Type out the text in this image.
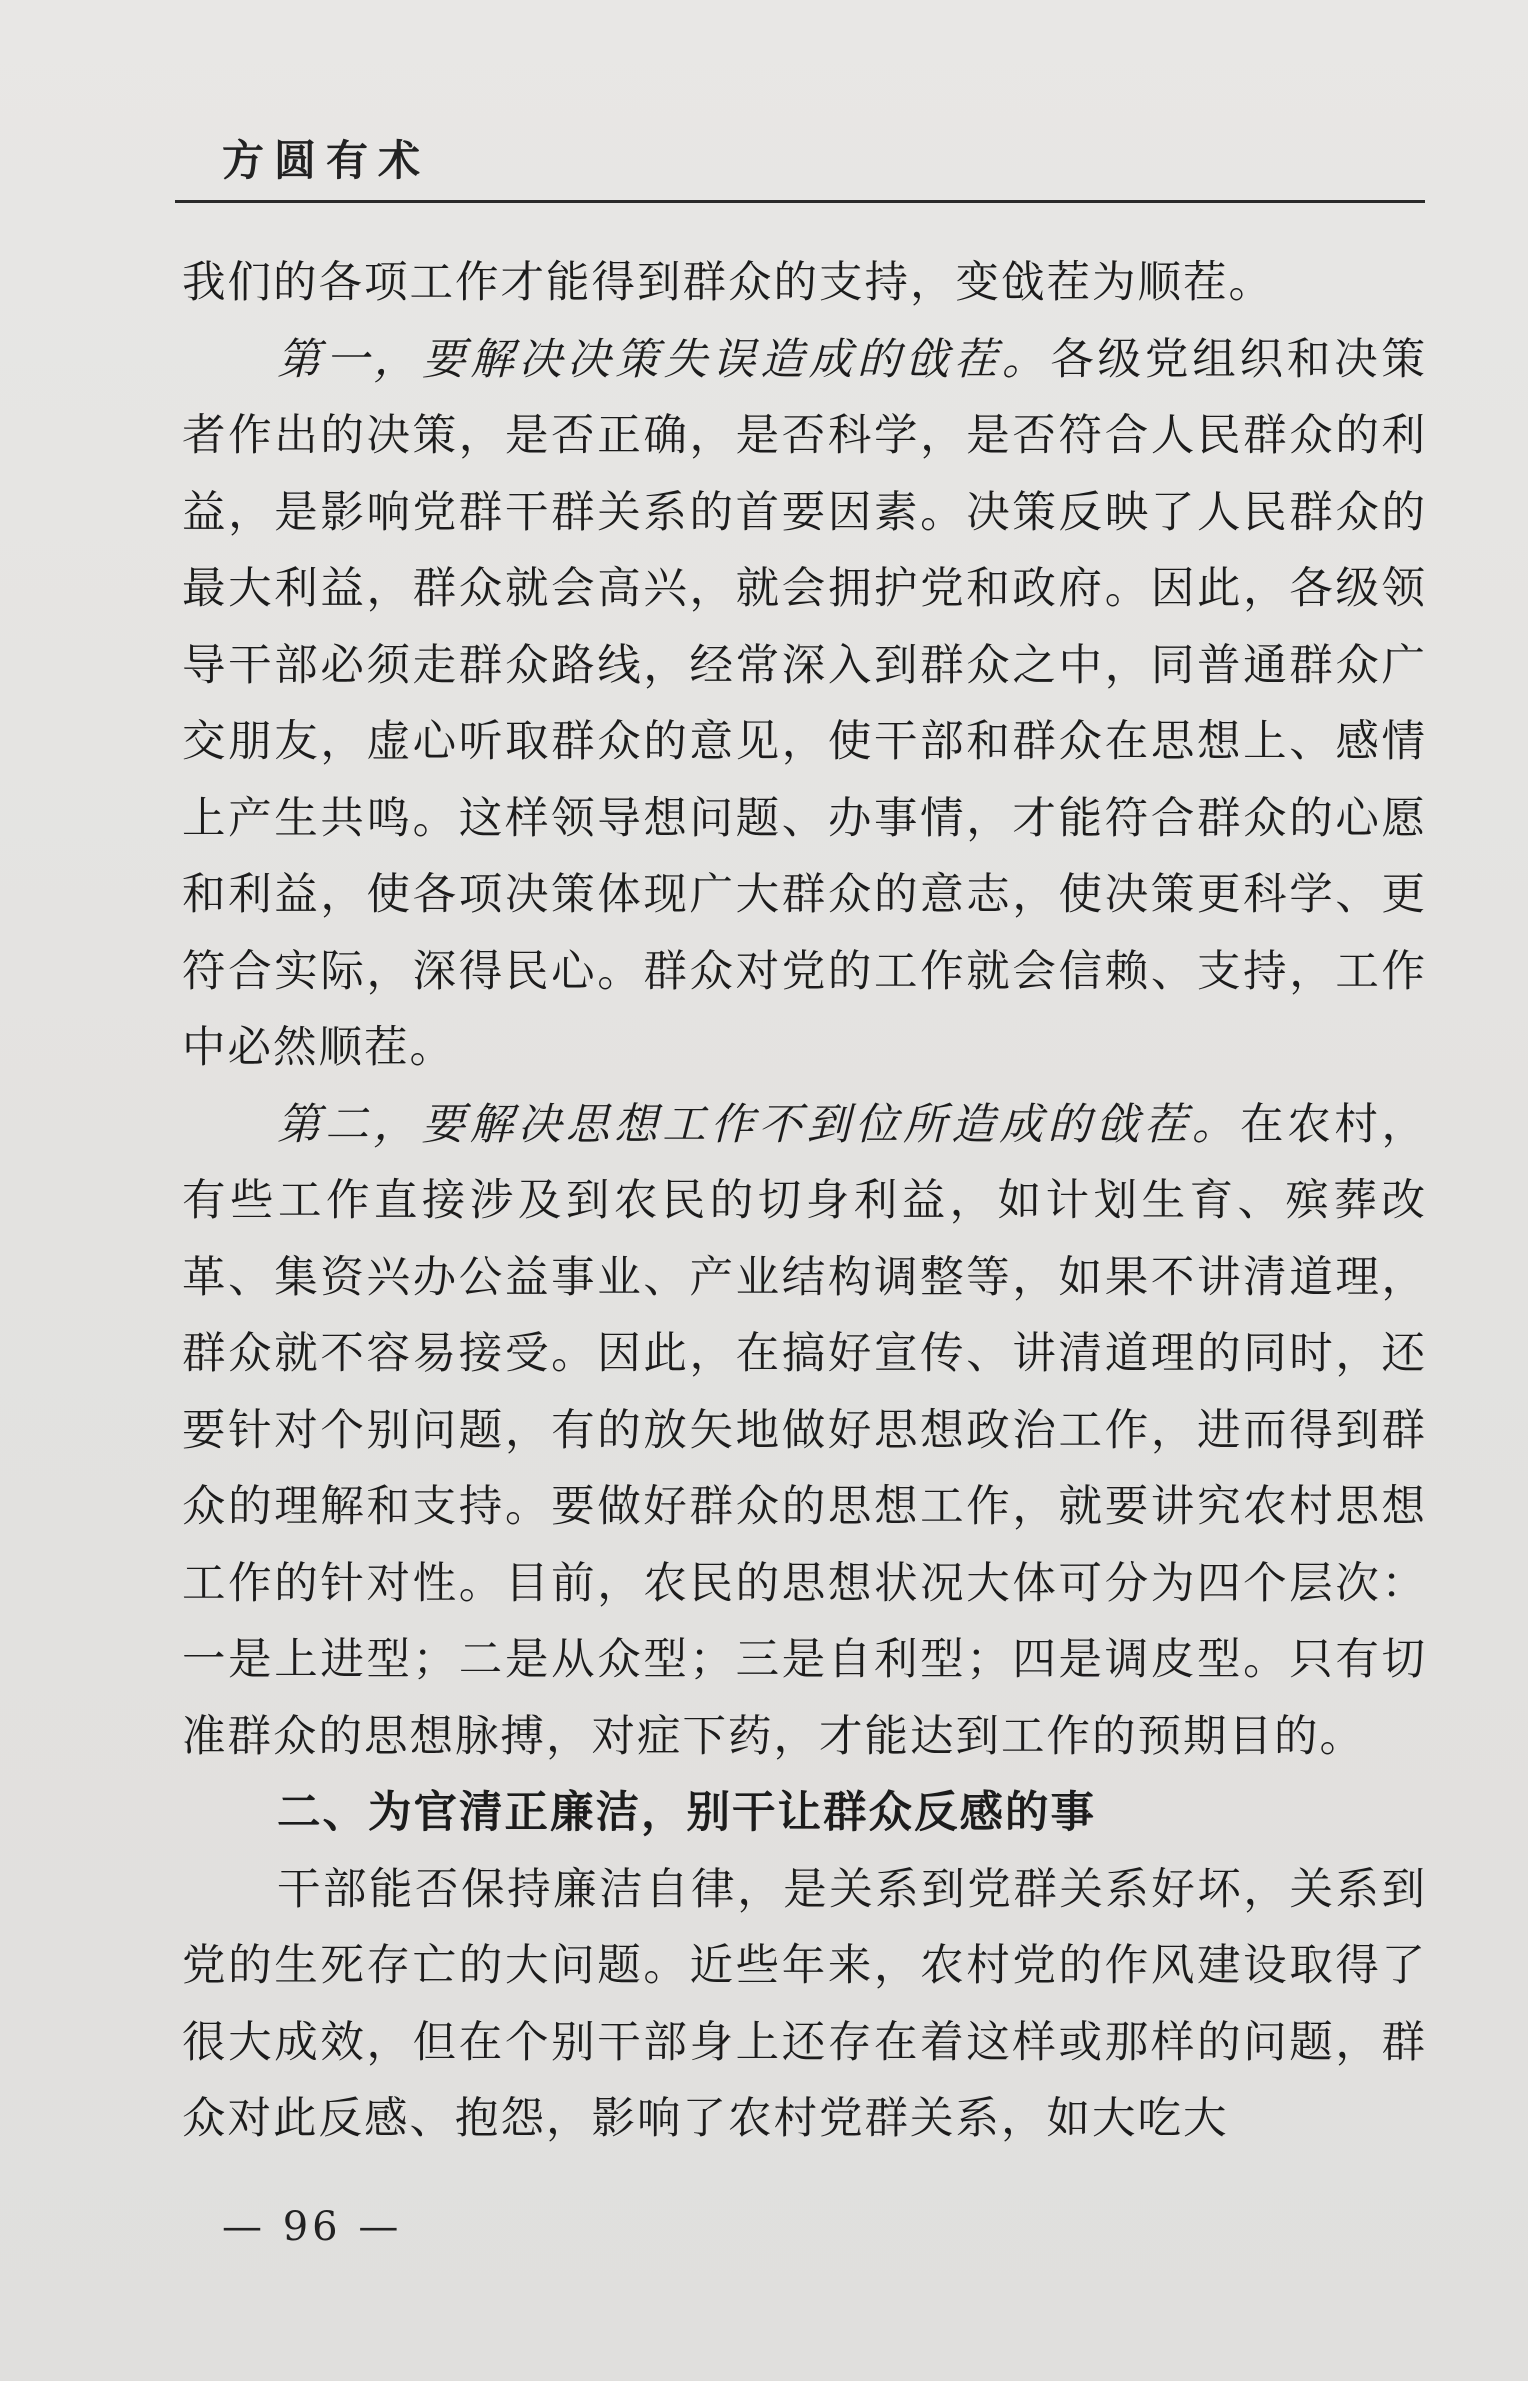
方圆有术

我们的各项工作才能得到群众的支持，变戗茬为顺茬。

第一，要解决决策失误造成的戗茬。各级党组织和决策者作出的决策，是否正确，是否科学，是否符合人民群众的利益，是影响党群干群关系的首要因素。决策反映了人民群众的最大利益，群众就会高兴，就会拥护党和政府。因此，各级领导干部必须走群众路线，经常深入到群众之中，同普通群众广交朋友，虚心听取群众的意见，使干部和群众在思想上、感情上产生共鸣。这样领导想问题、办事情，才能符合群众的心愿和利益，使各项决策体现广大群众的意志，使决策更科学、更符合实际，深得民心。群众对党的工作就会信赖、支持，工作中必然顺茬。

第二，要解决思想工作不到位所造成的戗茬。在农村，有些工作直接涉及到农民的切身利益，如计划生育、殡葬改革、集资兴办公益事业、产业结构调整等，如果不讲清道理，群众就不容易接受。因此，在搞好宣传、讲清道理的同时，还要针对个别问题，有的放矢地做好思想政治工作，进而得到群众的理解和支持。要做好群众的思想工作，就要讲究农村思想工作的针对性。目前，农民的思想状况大体可分为四个层次：一是上进型；二是从众型；三是自利型；四是调皮型。只有切准群众的思想脉搏，对症下药，才能达到工作的预期目的。

二、为官清正廉洁，别干让群众反感的事

干部能否保持廉洁自律，是关系到党群关系好坏，关系到党的生死存亡的大问题。近些年来，农村党的作风建设取得了很大成效，但在个别干部身上还存在着这样或那样的问题，群众对此反感、抱怨，影响了农村党群关系，如大吃大

— 96 —
